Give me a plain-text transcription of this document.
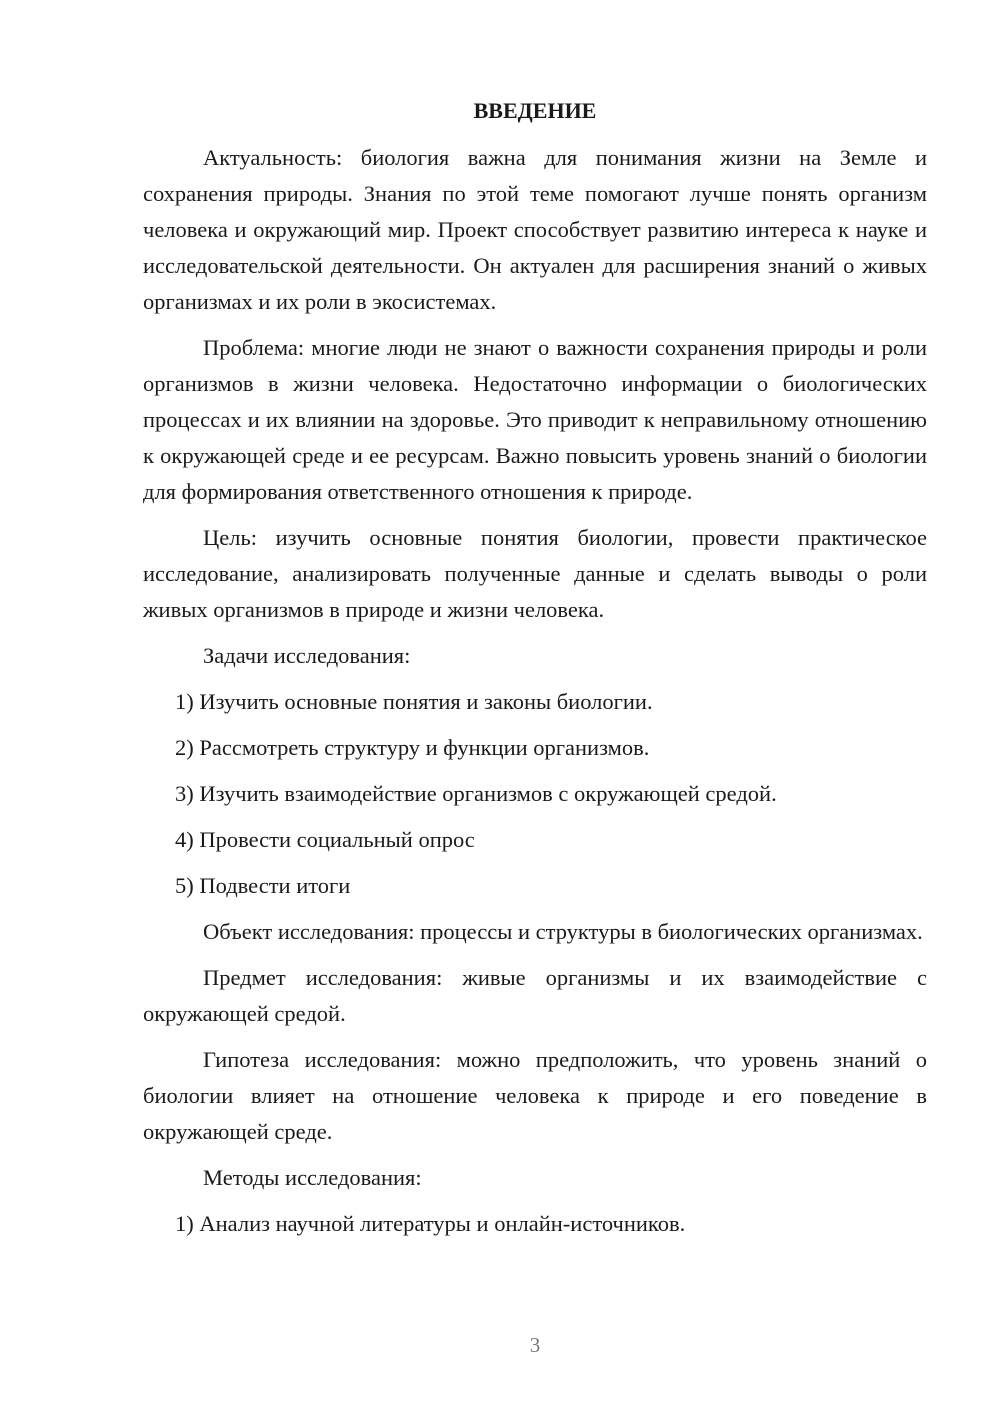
ВВЕДЕНИЕ

Актуальность: биология важна для понимания жизни на Земле и сохранения природы. Знания по этой теме помогают лучше понять организм человека и окружающий мир. Проект способствует развитию интереса к науке и исследовательской деятельности. Он актуален для расширения знаний о живых организмах и их роли в экосистемах.

Проблема: многие люди не знают о важности сохранения природы и роли организмов в жизни человека. Недостаточно информации о биологических процессах и их влиянии на здоровье. Это приводит к неправильному отношению к окружающей среде и ее ресурсам. Важно повысить уровень знаний о биологии для формирования ответственного отношения к природе.

Цель: изучить основные понятия биологии, провести практическое исследование, анализировать полученные данные и сделать выводы о роли живых организмов в природе и жизни человека.

Задачи исследования:

1) Изучить основные понятия и законы биологии.

2) Рассмотреть структуру и функции организмов.

3) Изучить взаимодействие организмов с окружающей средой.

4) Провести социальный опрос

5) Подвести итоги

Объект исследования: процессы и структуры в биологических организмах.

Предмет исследования: живые организмы и их взаимодействие с окружающей средой.

Гипотеза исследования: можно предположить, что уровень знаний о биологии влияет на отношение человека к природе и его поведение в окружающей среде.

Методы исследования:

1) Анализ научной литературы и онлайн-источников.

3
